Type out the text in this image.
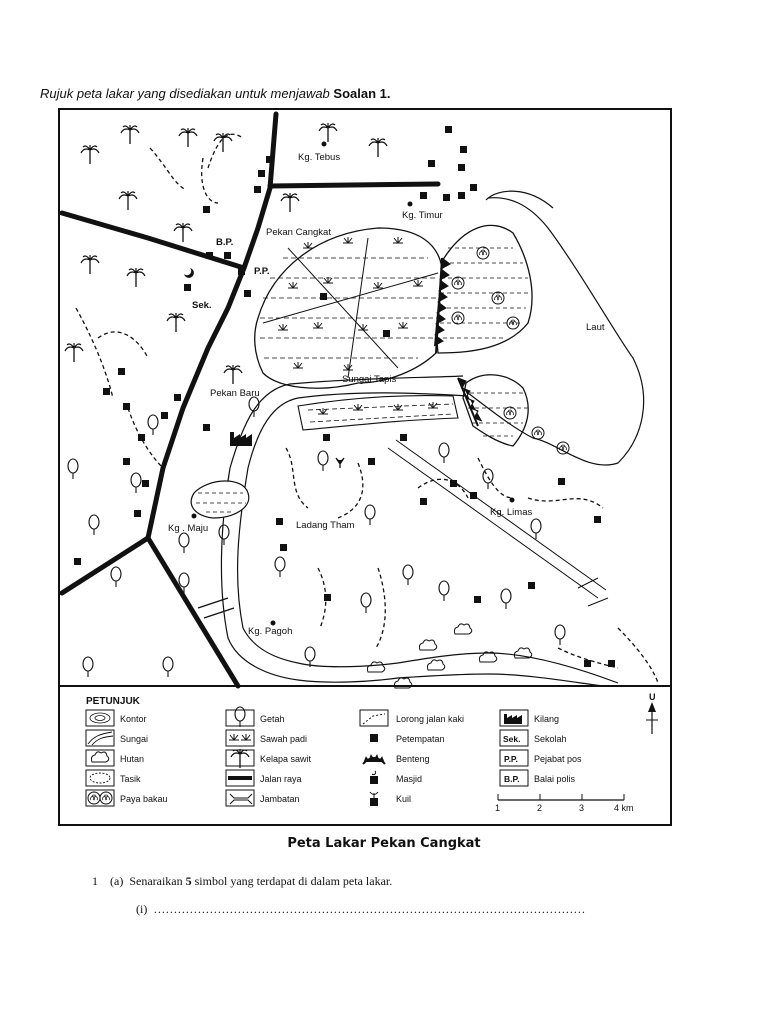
Rujuk peta lakar yang disediakan untuk menjawab Soalan 1.
Kg. Tebus
Kg. Timur
Pekan Cangkat
B.P.
P.P.
Sek.
Laut
Sungai Tapis
Pekan Baru
Kg . Maju	Ladang Tham
Kg. Limas
Kg. Pagoh
PETUNJUK
Kontor
Sungai
Hutan
Tasik
Paya bakau
Getah
Sawah padi
Kelapa sawit
Jalan raya
Jambatan
Lorong jalan kaki
Petempatan
Benteng
Masjid
Kuil
Kilang
Sek. Sekolah
P.P. Pejabat pos
B.P. Balai polis
U
1	2	3	4 km
Peta Lakar Pekan Cangkat
1 (a) Senaraikan 5 simbol yang terdapat di dalam peta lakar.
(i) ………………………………………………………………………………………………
